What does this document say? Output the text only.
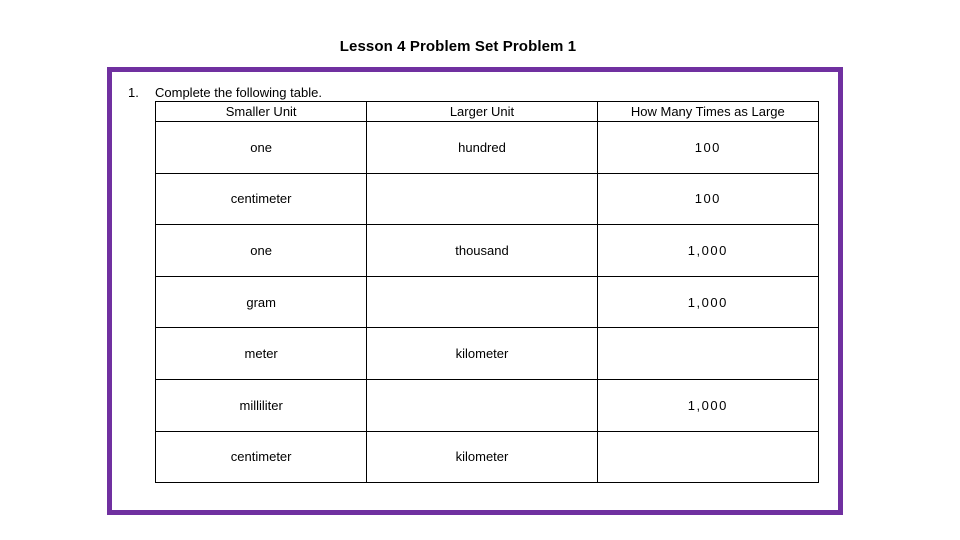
Lesson 4 Problem Set Problem 1
1. Complete the following table.
Smaller Unit	Larger Unit	How Many Times as Large
one	hundred	100
centimeter		100
one	thousand	1,000
gram		1,000
meter	kilometer	
milliliter		1,000
centimeter	kilometer	
